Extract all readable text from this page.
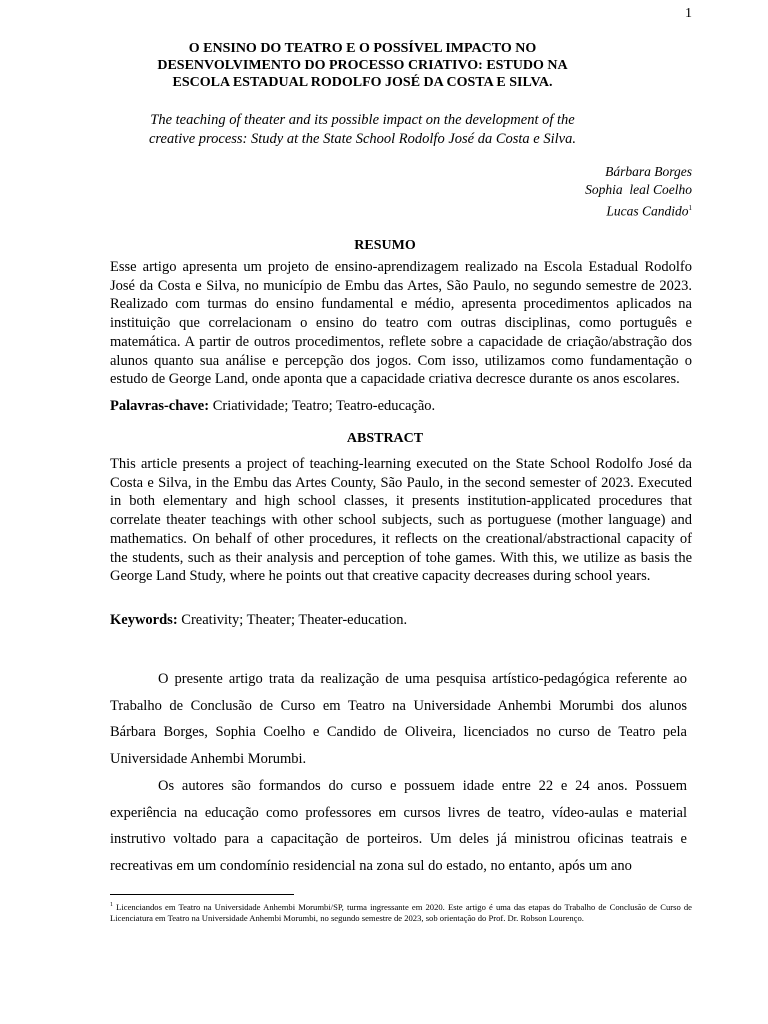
1
O ENSINO DO TEATRO E O POSSÍVEL IMPACTO NO
DESENVOLVIMENTO DO PROCESSO CRIATIVO: ESTUDO NA
ESCOLA ESTADUAL RODOLFO JOSÉ DA COSTA E SILVA.

The teaching of theater and its possible impact on the development of the
creative process: Study at the State School Rodolfo José da Costa e Silva.

Bárbara Borges
Sophia  leal Coelho
Lucas Candido$^1$
RESUMO

Esse artigo apresenta um projeto de ensino-aprendizagem realizado na Escola Estadual Rodolfo José da Costa e Silva, no município de Embu das Artes, São Paulo, no segundo semestre de 2023. Realizado com turmas do ensino fundamental e médio, apresenta procedimentos aplicados na instituição que correlacionam o ensino do teatro com outras disciplinas, como português e matemática. A partir de outros procedimentos, reflete sobre a capacidade de criação/abstração dos alunos quanto sua análise e percepção dos jogos. Com isso, utilizamos como fundamentação o estudo de George Land, onde aponta que a capacidade criativa decresce durante os anos escolares.

Palavras-chave: Criatividade; Teatro; Teatro-educação.

ABSTRACT

This article presents a project of teaching-learning executed on the State School Rodolfo José da Costa e Silva, in the Embu das Artes County, São Paulo, in the second semester of 2023. Executed in both elementary and high school classes, it presents institution-applicated procedures that correlate theater teachings with other school subjects, such as portuguese (mother language) and mathematics. On behalf of other procedures, it reflects on the creational/abstractional capacity of the students, such as their analysis and perception of tohe games. With this, we utilize as basis the George Land Study, where he points out that creative capacity decreases during school years.

Keywords: Creativity; Theater; Theater-education.

O presente artigo trata da realização de uma pesquisa artístico-pedagógica referente ao Trabalho de Conclusão de Curso em Teatro na Universidade Anhembi Morumbi dos alunos Bárbara Borges, Sophia Coelho e Candido de Oliveira, licenciados no curso de Teatro pela Universidade Anhembi Morumbi.

Os autores são formandos do curso e possuem idade entre 22 e 24 anos. Possuem experiência na educação como professores em cursos livres de teatro, vídeo-aulas e material instrutivo voltado para a capacitação de porteiros. Um deles já ministrou oficinas teatrais e recreativas em um condomínio residencial na zona sul do estado, no entanto, após um ano

$^1$ Licenciandos em Teatro na Universidade Anhembi Morumbi/SP, turma ingressante em 2020. Este artigo é uma das etapas do Trabalho de Conclusão de Curso de Licenciatura em Teatro na Universidade Anhembi Morumbi, no segundo semestre de 2023, sob orientação do Prof. Dr. Robson Lourenço.
